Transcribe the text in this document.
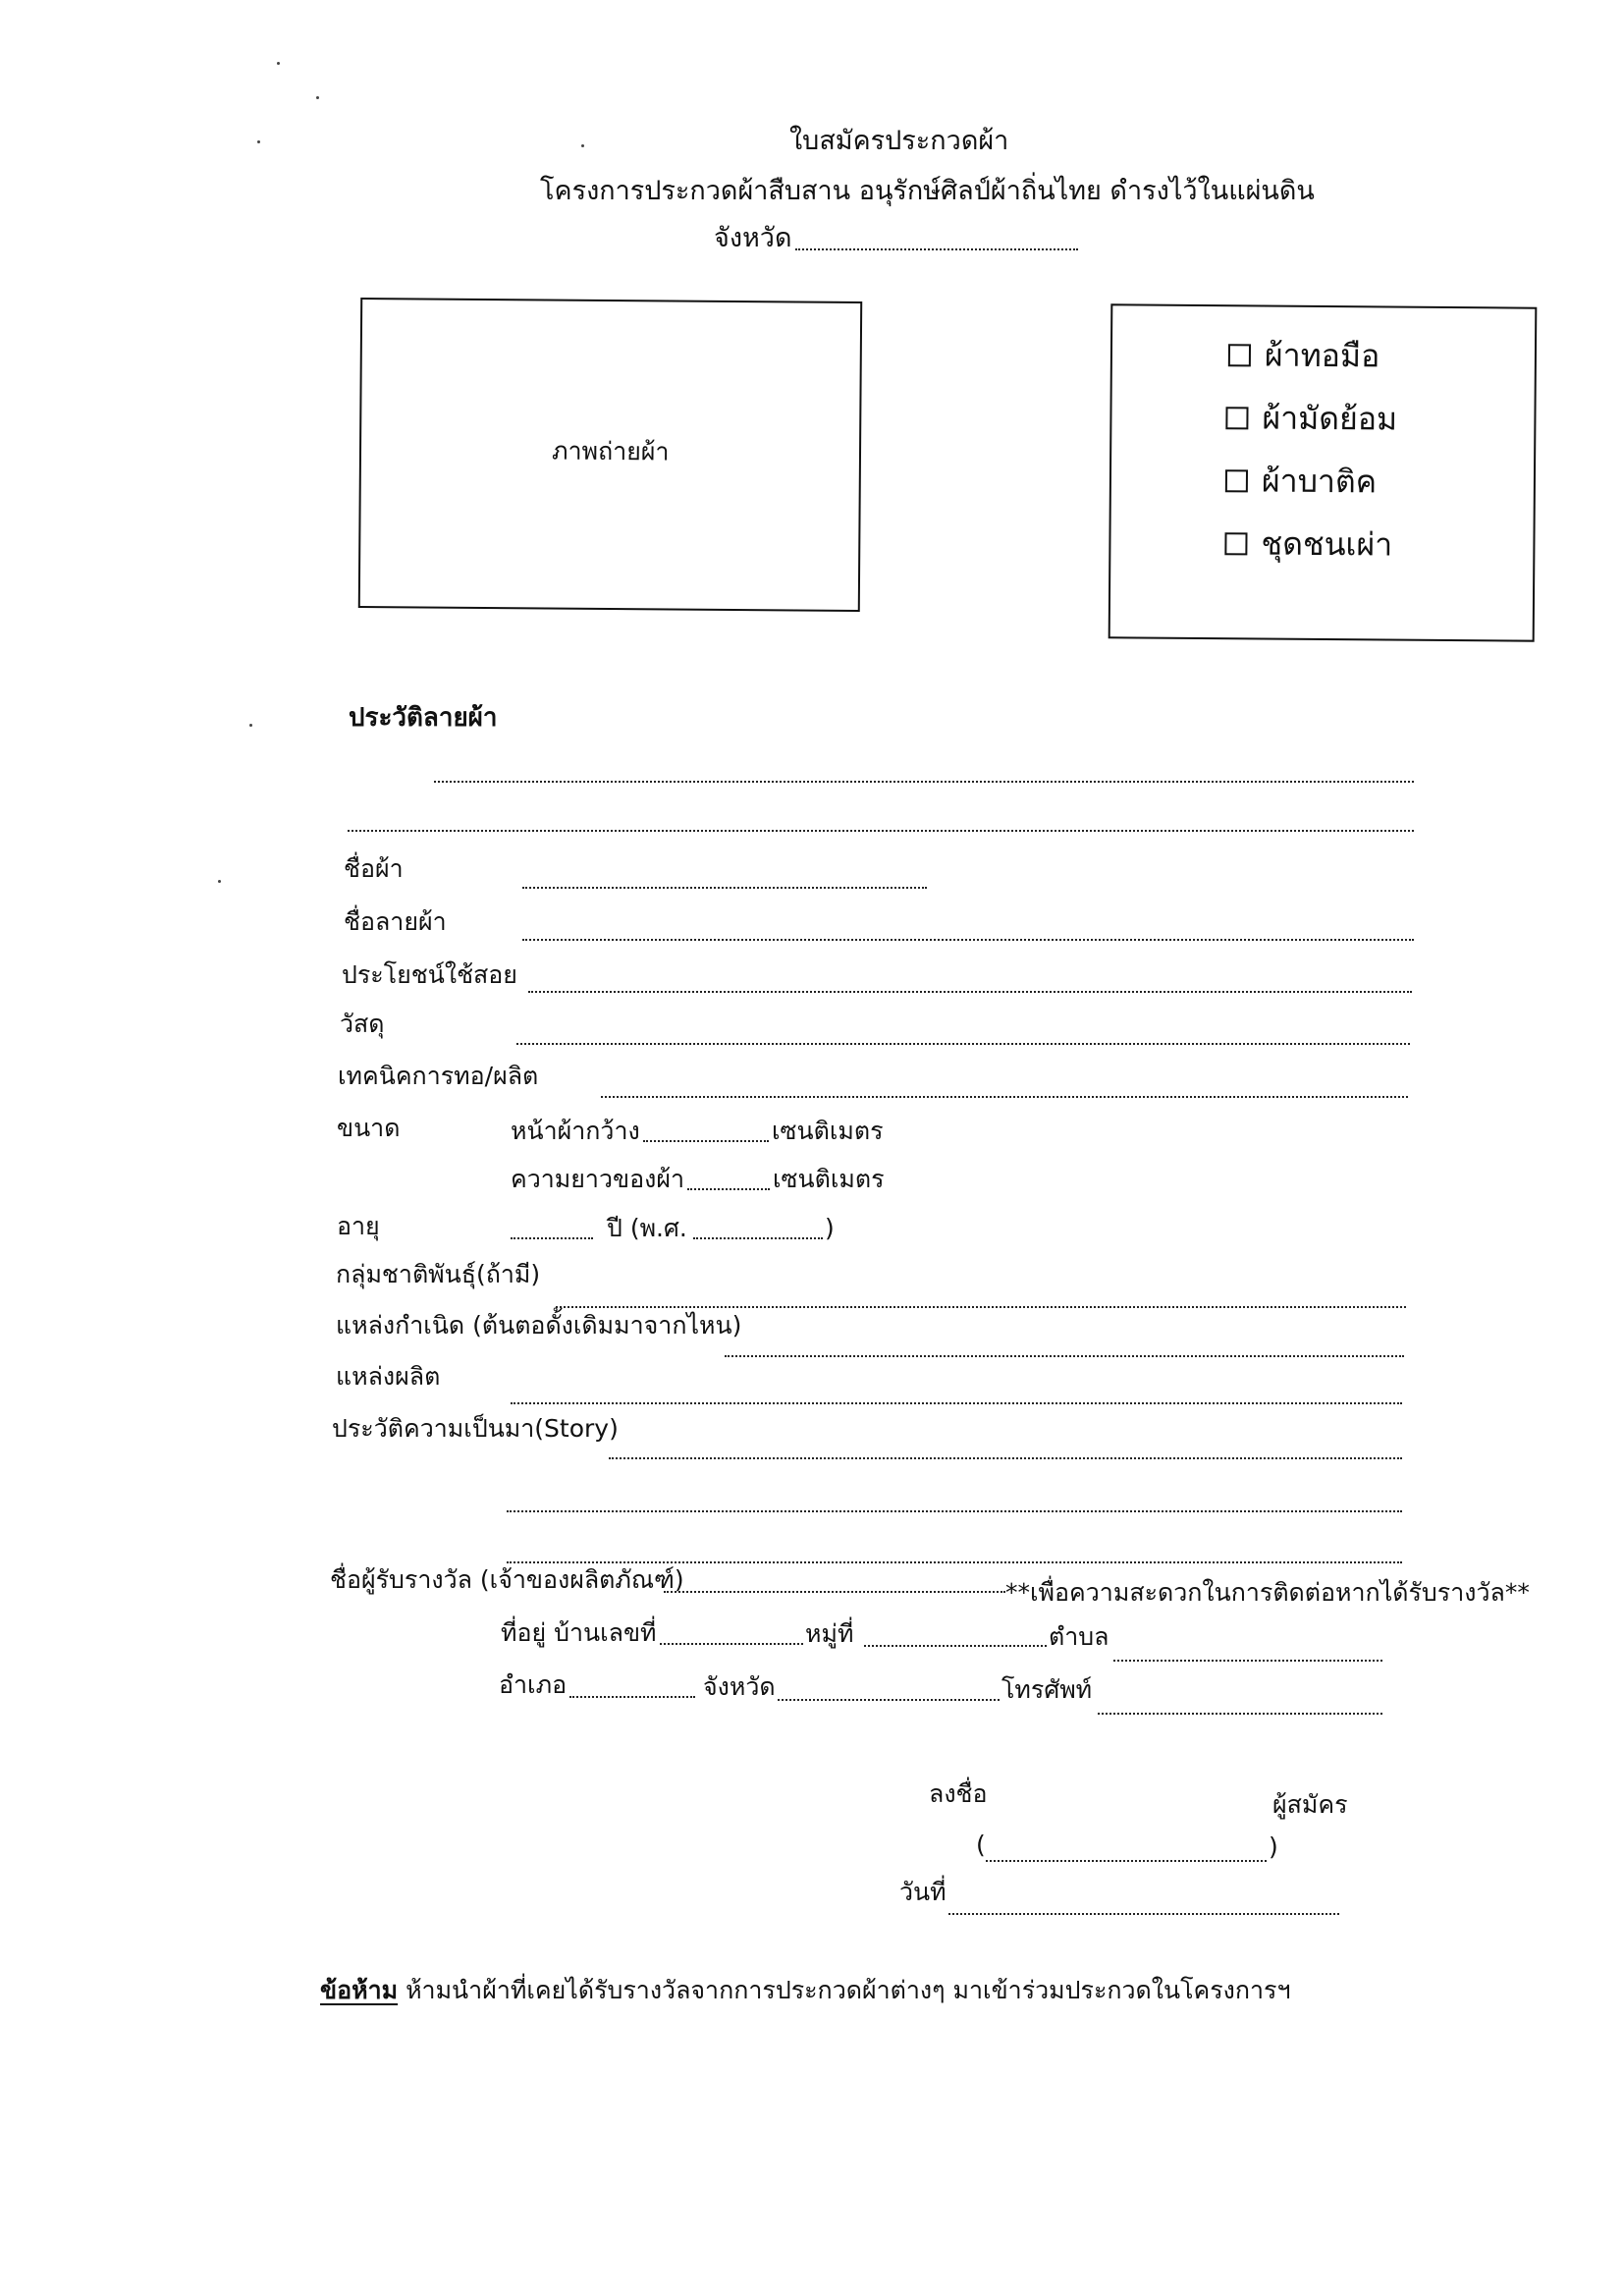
ใบสมัครประกวดผ้า
โครงการประกวดผ้าสืบสาน อนุรักษ์ศิลป์ผ้าถิ่นไทย ดำรงไว้ในแผ่นดิน
จังหวัด
ภาพถ่ายผ้า
ผ้าทอมือ
ผ้ามัดย้อม
ผ้าบาติค
ชุดชนเผ่า
ประวัติลายผ้า
ชื่อผ้า
ชื่อลายผ้า
ประโยชน์ใช้สอย
วัสดุ
เทคนิคการทอ/ผลิต
ขนาด	หน้าผ้ากว้าง	เซนติเมตร
ความยาวของผ้า	เซนติเมตร
อายุ	ปี (พ.ศ.	)
กลุ่มชาติพันธุ์(ถ้ามี)
แหล่งกำเนิด (ต้นตอดั้งเดิมมาจากไหน)
แหล่งผลิต
ประวัติความเป็นมา(Story)
ชื่อผู้รับรางวัล (เจ้าของผลิตภัณฑ์)	**เพื่อความสะดวกในการติดต่อหากได้รับรางวัล**
ที่อยู่ บ้านเลขที่	หมู่ที่	ตำบล
อำเภอ	จังหวัด	โทรศัพท์
ลงชื่อ	ผู้สมัคร
(	)
วันที่
ข้อห้าม ห้ามนำผ้าที่เคยได้รับรางวัลจากการประกวดผ้าต่างๆ มาเข้าร่วมประกวดในโครงการฯ
